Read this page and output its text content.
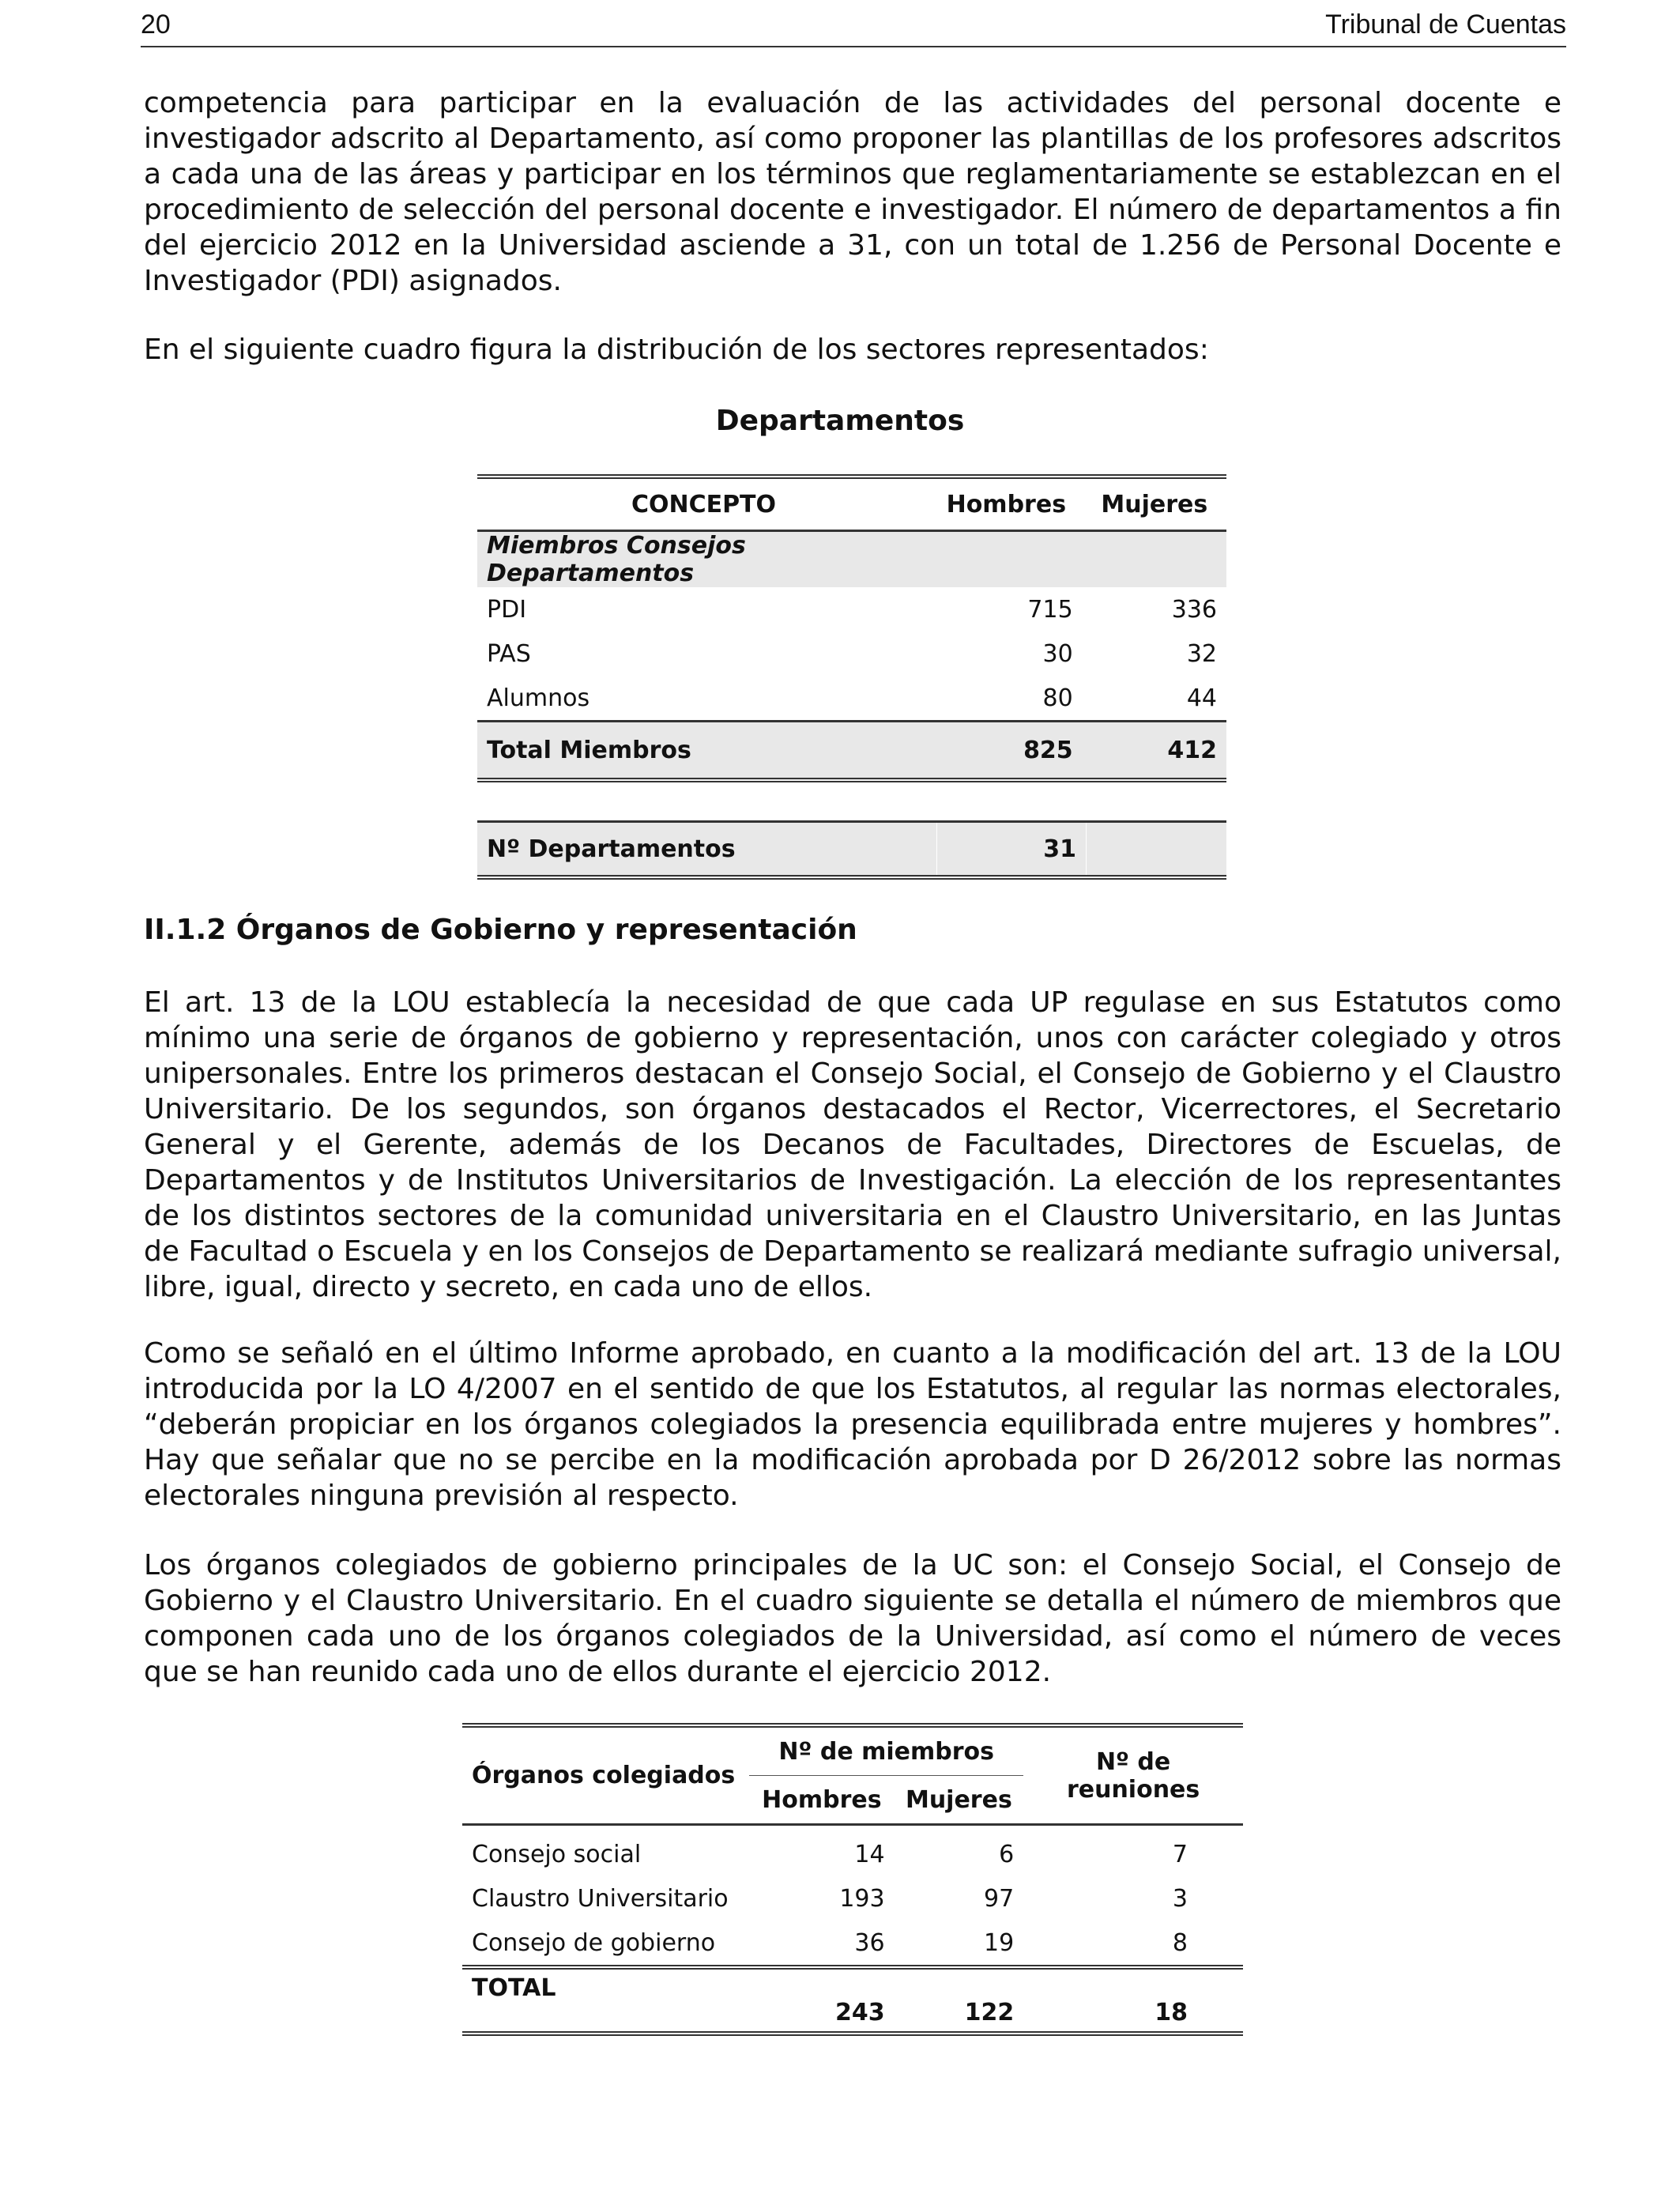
20	Tribunal de Cuentas

competencia para participar en la evaluación de las actividades del personal docente e investigador adscrito al Departamento, así como proponer las plantillas de los profesores adscritos a cada una de las áreas y participar en los términos que reglamentariamente se establezcan en el procedimiento de selección del personal docente e investigador. El número de departamentos a fin del ejercicio 2012 en la Universidad asciende a 31, con un total de 1.256 de Personal Docente e Investigador (PDI) asignados.

En el siguiente cuadro figura la distribución de los sectores representados:

Departamentos

CONCEPTO	Hombres	Mujeres
Miembros Consejos Departamentos		
PDI	715	336
PAS	30	32
Alumnos	80	44
Total Miembros	825	412
Nº Departamentos	31	

II.1.2 Órganos de Gobierno y representación

El art. 13 de la LOU establecía la necesidad de que cada UP regulase en sus Estatutos como mínimo una serie de órganos de gobierno y representación, unos con carácter colegiado y otros unipersonales. Entre los primeros destacan el Consejo Social, el Consejo de Gobierno y el Claustro Universitario. De los segundos, son órganos destacados el Rector, Vicerrectores, el Secretario General y el Gerente, además de los Decanos de Facultades, Directores de Escuelas, de Departamentos y de Institutos Universitarios de Investigación. La elección de los representantes de los distintos sectores de la comunidad universitaria en el Claustro Universitario, en las Juntas de Facultad o Escuela y en los Consejos de Departamento se realizará mediante sufragio universal, libre, igual, directo y secreto, en cada uno de ellos.

Como se señaló en el último Informe aprobado, en cuanto a la modificación del art. 13 de la LOU introducida por la LO 4/2007 en el sentido de que los Estatutos, al regular las normas electorales, “deberán propiciar en los órganos colegiados la presencia equilibrada entre mujeres y hombres”. Hay que señalar que no se percibe en la modificación aprobada por D 26/2012 sobre las normas electorales ninguna previsión al respecto.

Los órganos colegiados de gobierno principales de la UC son: el Consejo Social, el Consejo de Gobierno y el Claustro Universitario. En el cuadro siguiente se detalla el número de miembros que componen cada uno de los órganos colegiados de la Universidad, así como el número de veces que se han reunido cada uno de ellos durante el ejercicio 2012.

Órganos colegiados	Nº de miembros		Nº de reuniones
	Hombres	Mujeres	
Consejo social	14	6	7
Claustro Universitario	193	97	3
Consejo de gobierno	36	19	8
TOTAL	243	122	18
